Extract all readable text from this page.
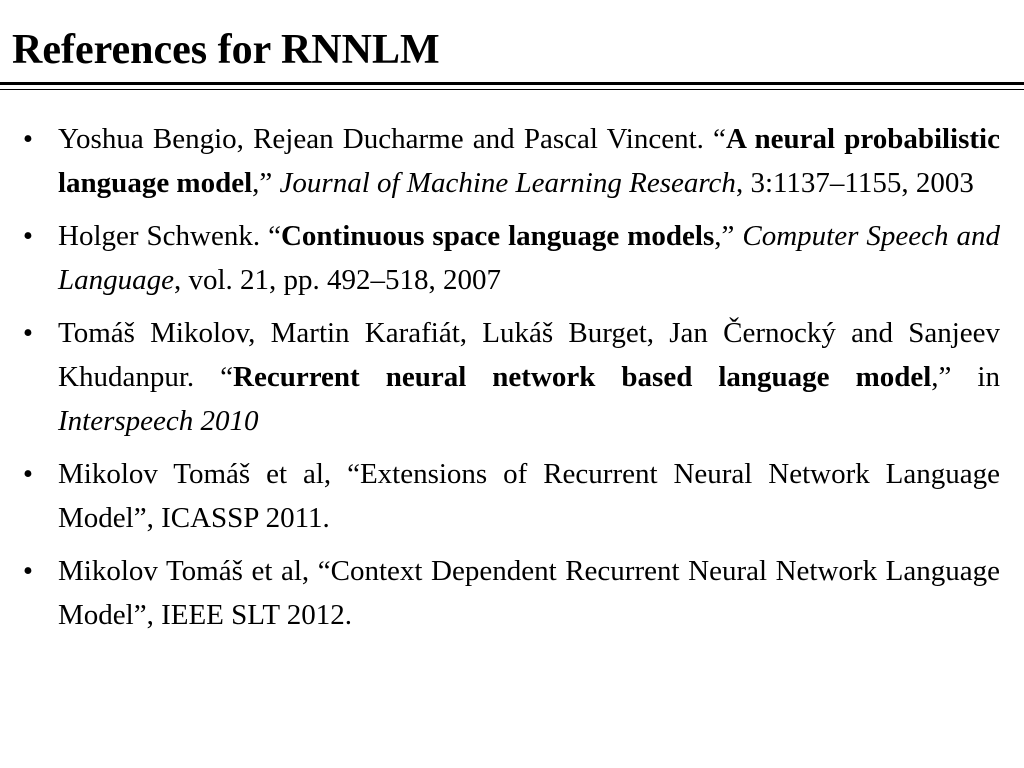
References for RNNLM
• Yoshua Bengio, Rejean Ducharme and Pascal Vincent. “A neural probabilistic language model,” Journal of Machine Learning Research, 3:1137–1155, 2003
• Holger Schwenk. “Continuous space language models,” Computer Speech and Language, vol. 21, pp. 492–518, 2007
• Tomáš Mikolov, Martin Karafiát, Lukáš Burget, Jan Černocký and Sanjeev Khudanpur. “Recurrent neural network based language model,” in Interspeech 2010
• Mikolov Tomáš et al, “Extensions of Recurrent Neural Network Language Model”, ICASSP 2011.
• Mikolov Tomáš et al, “Context Dependent Recurrent Neural Network Language Model”, IEEE SLT 2012.
